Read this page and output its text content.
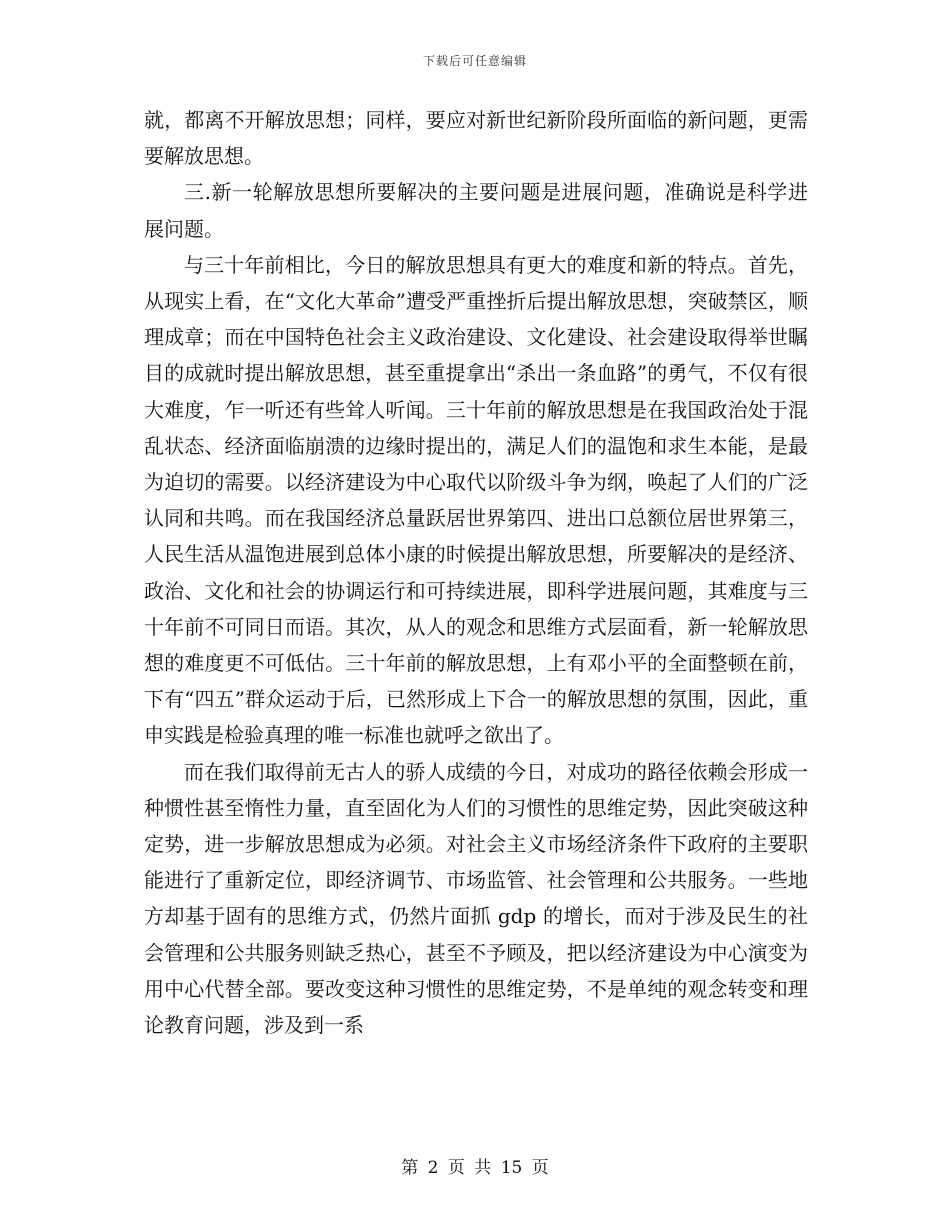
下载后可任意编辑

就，都离不开解放思想；同样，要应对新世纪新阶段所面临的新问题，更需要解放思想。

三.新一轮解放思想所要解决的主要问题是进展问题，准确说是科学进展问题。

与三十年前相比，今日的解放思想具有更大的难度和新的特点。首先，从现实上看，在“文化大革命”遭受严重挫折后提出解放思想，突破禁区，顺理成章；而在中国特色社会主义政治建设、文化建设、社会建设取得举世瞩目的成就时提出解放思想，甚至重提拿出“杀出一条血路”的勇气，不仅有很大难度，乍一听还有些耸人听闻。三十年前的解放思想是在我国政治处于混乱状态、经济面临崩溃的边缘时提出的，满足人们的温饱和求生本能，是最为迫切的需要。以经济建设为中心取代以阶级斗争为纲，唤起了人们的广泛认同和共鸣。而在我国经济总量跃居世界第四、进出口总额位居世界第三，人民生活从温饱进展到总体小康的时候提出解放思想，所要解决的是经济、政治、文化和社会的协调运行和可持续进展，即科学进展问题，其难度与三十年前不可同日而语。其次，从人的观念和思维方式层面看，新一轮解放思想的难度更不可低估。三十年前的解放思想，上有邓小平的全面整顿在前，下有“四五”群众运动于后，已然形成上下合一的解放思想的氛围，因此，重申实践是检验真理的唯一标准也就呼之欲出了。

而在我们取得前无古人的骄人成绩的今日，对成功的路径依赖会形成一种惯性甚至惰性力量，直至固化为人们的习惯性的思维定势，因此突破这种定势，进一步解放思想成为必须。对社会主义市场经济条件下政府的主要职能进行了重新定位，即经济调节、市场监管、社会管理和公共服务。一些地方却基于固有的思维方式，仍然片面抓 gdp 的增长，而对于涉及民生的社会管理和公共服务则缺乏热心，甚至不予顾及，把以经济建设为中心演变为用中心代替全部。要改变这种习惯性的思维定势，不是单纯的观念转变和理论教育问题，涉及到一系

第 2 页 共 15 页
